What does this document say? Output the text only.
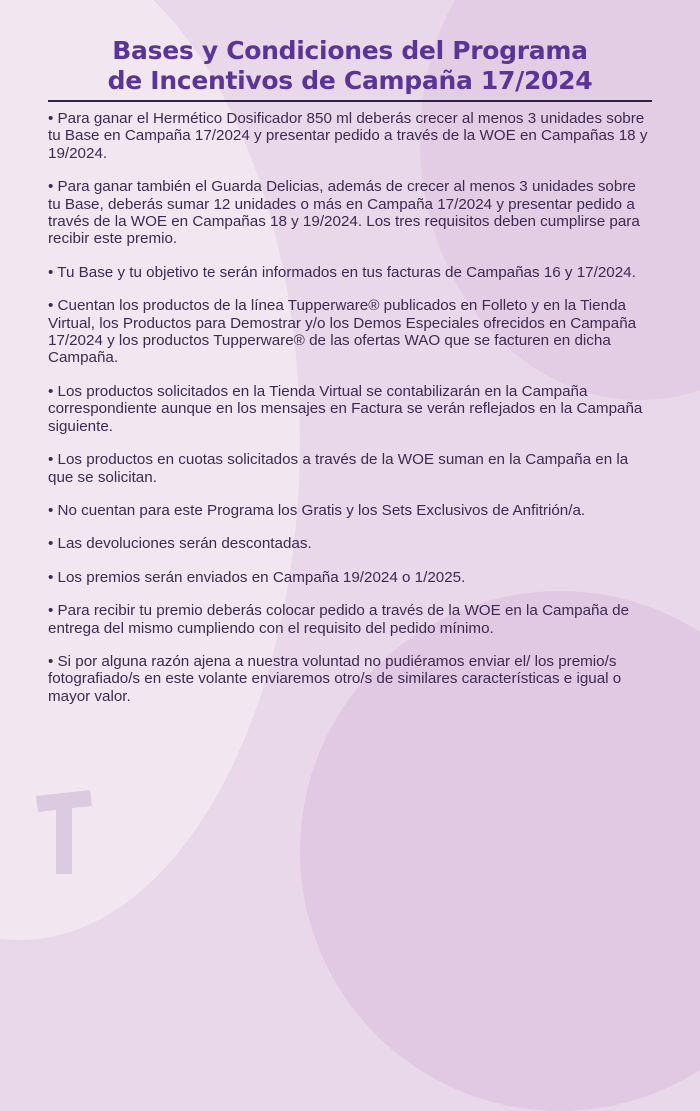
Bases y Condiciones del Programa
de Incentivos de Campaña 17/2024
• Para ganar el Hermético Dosificador 850 ml deberás crecer al menos 3 unidades sobre tu Base en Campaña 17/2024 y presentar pedido a través de la WOE en Campañas 18 y 19/2024.
• Para ganar también el Guarda Delicias, además de crecer al menos 3 unidades sobre tu Base, deberás sumar 12 unidades o más en Campaña 17/2024 y presentar pedido a través de la WOE en Campañas 18 y 19/2024. Los tres requisitos deben cumplirse para recibir este premio.
• Tu Base y tu objetivo te serán informados en tus facturas de Campañas 16 y 17/2024.
• Cuentan los productos de la línea Tupperware® publicados en Folleto y en la Tienda Virtual, los Productos para Demostrar y/o los Demos Especiales ofrecidos en Campaña 17/2024 y los productos Tupperware® de las ofertas WAO que se facturen en dicha Campaña.
• Los productos solicitados en la Tienda Virtual se contabilizarán en la Campaña correspondiente aunque en los mensajes en Factura se verán reflejados en la Campaña siguiente.
• Los productos en cuotas solicitados a través de la WOE suman en la Campaña en la que se solicitan.
• No cuentan para este Programa los Gratis y los Sets Exclusivos de Anfitrión/a.
• Las devoluciones serán descontadas.
• Los premios serán enviados en Campaña 19/2024 o 1/2025.
• Para recibir tu premio deberás colocar pedido a través de la WOE en la Campaña de entrega del mismo cumpliendo con el requisito del pedido mínimo.
• Si por alguna razón ajena a nuestra voluntad no pudiéramos enviar el/ los premio/s fotografiado/s en este volante enviaremos otro/s de similares características e igual o mayor valor.
